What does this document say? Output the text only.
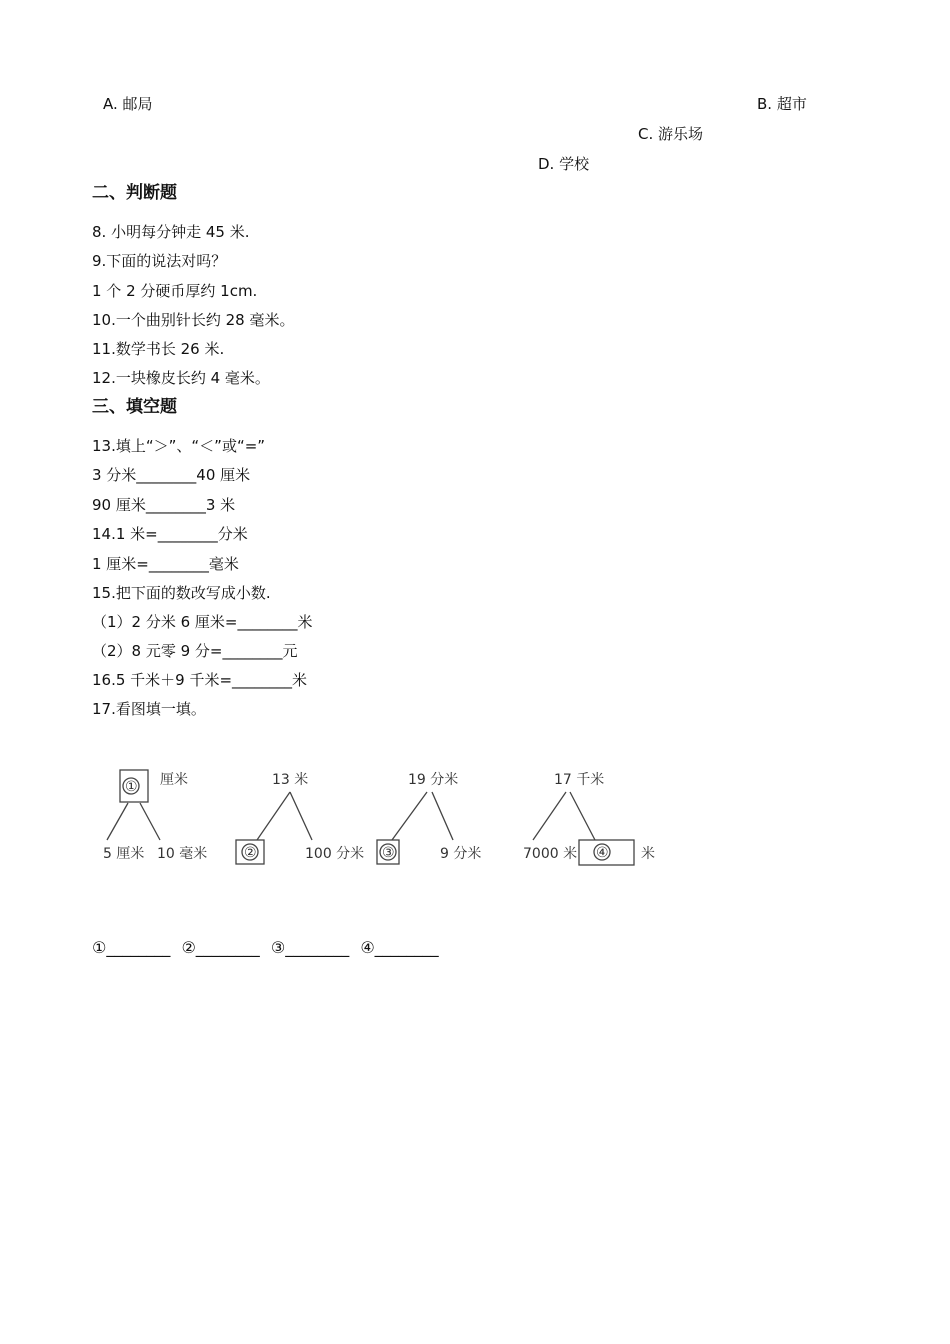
A. 邮局	B. 超市
C. 游乐场
D. 学校
二、判断题
8. 小明每分钟走 45 米.
9.下面的说法对吗？
1 个 2 分硬币厚约 1cm.
10.一个曲别针长约 28 毫米。
11.数学书长 26 米.
12.一块橡皮长约 4 毫米。
三、填空题
13.填上“＞”、“＜”或“=”
3 分米________40 厘米
90 厘米________3 米
14.1 米=________分米
1 厘米=________毫米
15.把下面的数改写成小数.
（1）2 分米 6 厘米=________米
（2）8 元零 9 分=________元
16.5 千米＋9 千米=________米
17.看图填一填。
① 厘米
5 厘米 10 毫米
13 米
②	100 分米
19 分米
③	9 分米
17 千米
7000 米 ④ 米
①________ ②________ ③________ ④________
